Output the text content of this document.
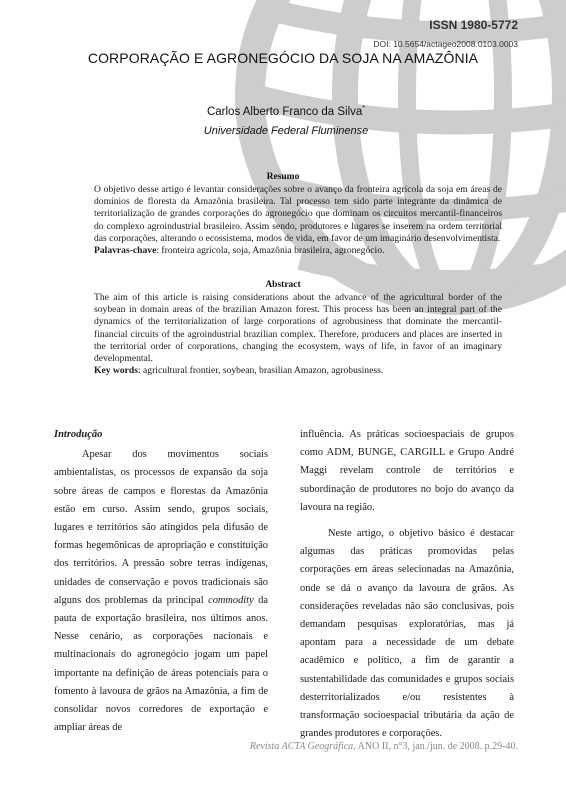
ISSN 1980-5772
DOI: 10.5654/actageo2008.0103.0003
CORPORAÇÃO E AGRONEGÓCIO DA SOJA NA AMAZÔNIA
Carlos Alberto Franco da Silva*
Universidade Federal Fluminense
Resumo

O objetivo desse artigo é levantar considerações sobre o avanço da fronteira agrícola da soja em áreas de domínios de floresta da Amazônia brasileira. Tal processo tem sido parte integrante da dinâmica de territorialização de grandes corporações do agronegócio que dominam os circuitos mercantil-financeiros do complexo agroindustrial brasileiro. Assim sendo, produtores e lugares se inserem na ordem territorial das corporações, alterando o ecossistema, modos de vida, em favor de um imaginário desenvolvimentista.

Palavras-chave: fronteira agrícola, soja, Amazônia brasileira, agronegócio.

Abstract

The aim of this article is raising considerations about the advance of the agricultural border of the soybean in domain areas of the brazilian Amazon forest. This process has been an integral part of the dynamics of the territorialization of large corporations of agrobusiness that dominate the mercantil-financial circuits of the agroindustrial brazilian complex. Therefore, producers and places are inserted in the territorial order of corporations, changing the ecosystem, ways of life, in favor of an imaginary developmental.

Key words: agricultural frontier, soybean, brasilian Amazon, agrobusiness.

Introdução

Apesar dos movimentos sociais ambientalistas, os processos de expansão da soja sobre áreas de campos e florestas da Amazônia estão em curso. Assim sendo, grupos sociais, lugares e territórios são atingidos pela difusão de formas hegemônicas de apropriação e constituição dos territórios. A pressão sobre terras indígenas, unidades de conservação e povos tradicionais são alguns dos problemas da principal commodity da pauta de exportação brasileira, nos últimos anos. Nesse cenário, as corporações nacionais e multinacionais do agronegócio jogam um papel importante na definição de áreas potenciais para o fomento à lavoura de grãos na Amazônia, a fim de consolidar novos corredores de exportação e ampliar áreas de

influência. As práticas socioespaciais de grupos como ADM, BUNGE, CARGILL e Grupo André Maggi revelam controle de territórios e subordinação de produtores no bojo do avanço da lavoura na região.

Neste artigo, o objetivo básico é destacar algumas das práticas promovidas pelas corporações em áreas selecionadas na Amazônia, onde se dá o avanço da lavoura de grãos. As considerações reveladas não são conclusivas, pois demandam pesquisas exploratórias, mas já apontam para a necessidade de um debate acadêmico e político, a fim de garantir a sustentabilidade das comunidades e grupos sociais desterritorializados e/ou resistentes à transformação socioespacial tributária da ação de grandes produtores e corporações.

Revista ACTA Geográfica, ANO II, n°3, jan./jun. de 2008. p.29-40.
